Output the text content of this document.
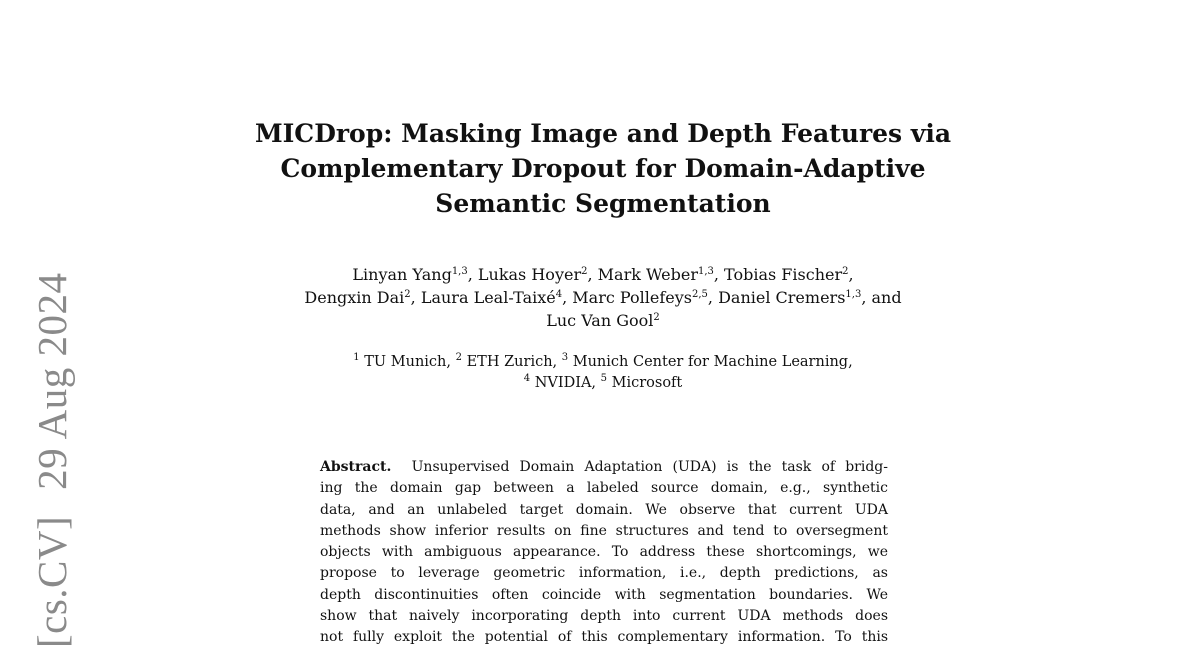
[cs.CV]29 Aug 2024
MICDrop: Masking Image and Depth Features via
Complementary Dropout for Domain-Adaptive
Semantic Segmentation
Linyan Yang$^{1,3}$, Lukas Hoyer$^2$, Mark Weber$^{1,3}$, Tobias Fischer$^2$,
Dengxin Dai$^2$, Laura Leal-Taixé$^4$, Marc Pollefeys$^{2,5}$, Daniel Cremers$^{1,3}$, and
Luc Van Gool$^2$
$^1$ TU Munich, $^2$ ETH Zurich, $^3$ Munich Center for Machine Learning,
$^4$ NVIDIA, $^5$ Microsoft
Abstract. Unsupervised Domain Adaptation (UDA) is the task of bridg-
ing the domain gap between a labeled source domain, e.g., synthetic
data, and an unlabeled target domain. We observe that current UDA
methods show inferior results on fine structures and tend to oversegment
objects with ambiguous appearance. To address these shortcomings, we
propose to leverage geometric information, i.e., depth predictions, as
depth discontinuities often coincide with segmentation boundaries. We
show that naively incorporating depth into current UDA methods does
not fully exploit the potential of this complementary information. To this
